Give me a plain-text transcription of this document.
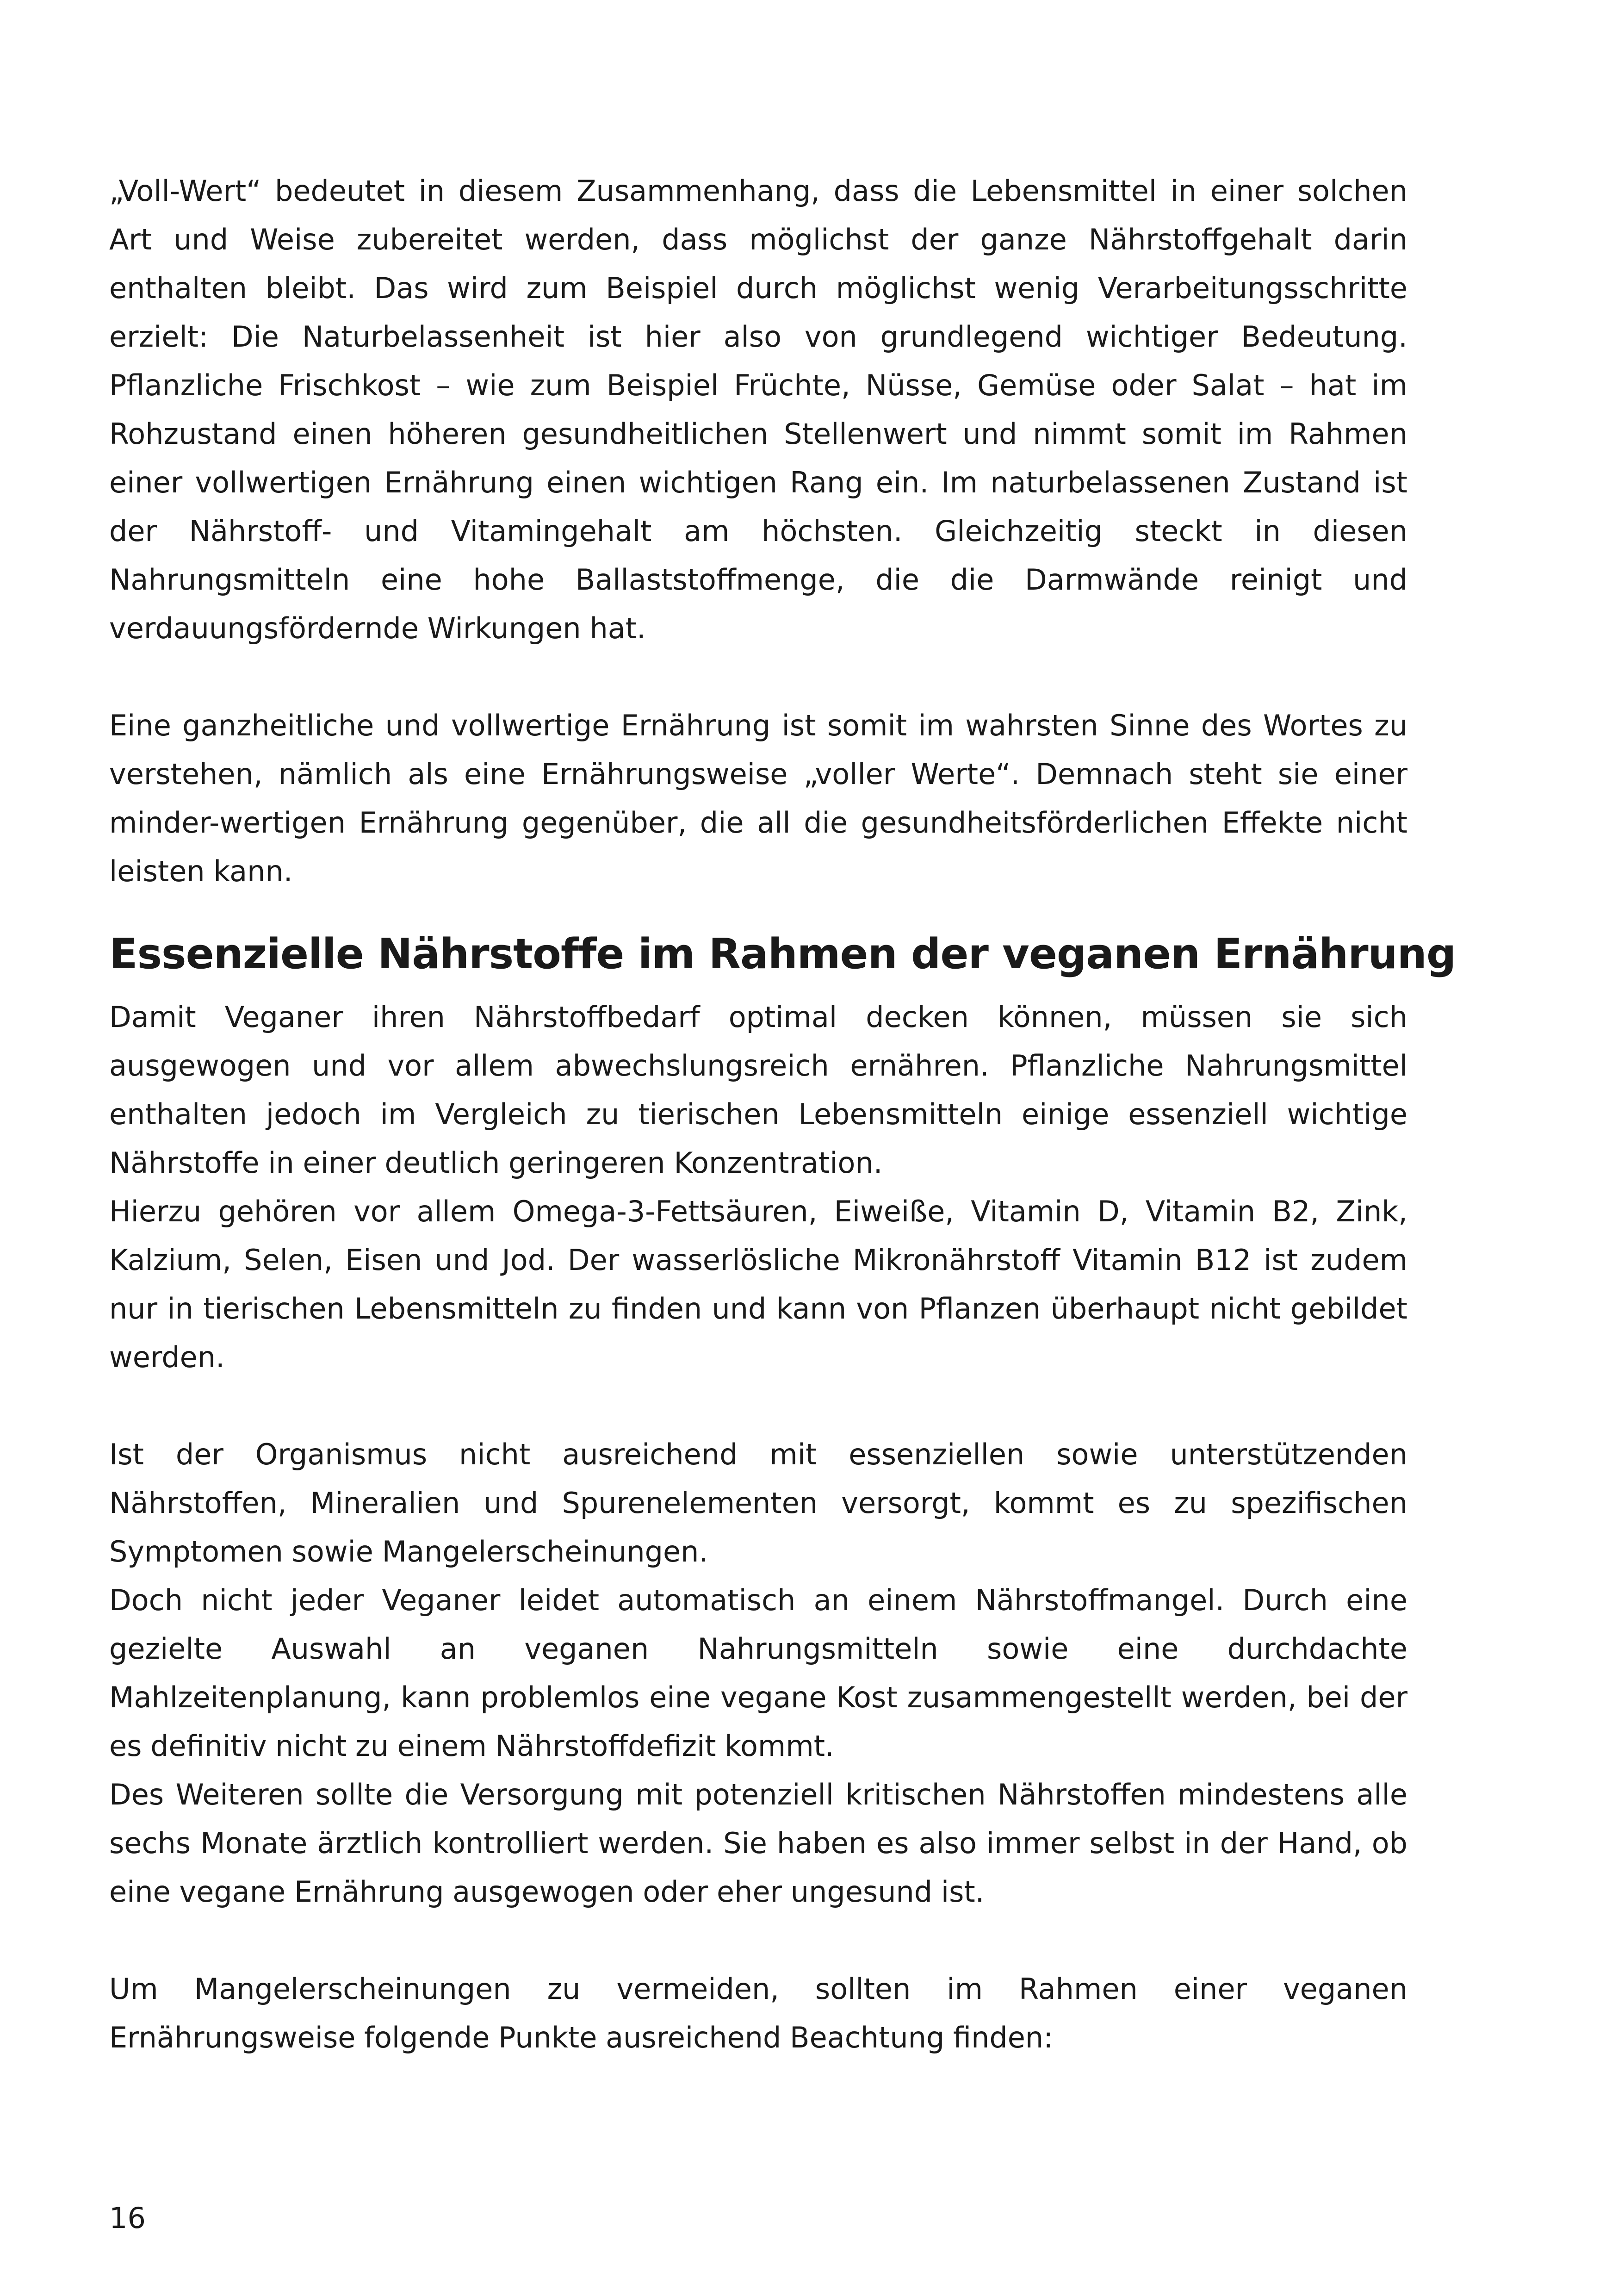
„Voll-Wert“ bedeutet in diesem Zusammenhang, dass die Lebensmittel in einer solchen Art und Weise zubereitet werden, dass möglichst der ganze Nährstoffgehalt darin enthalten bleibt. Das wird zum Beispiel durch möglichst wenig Verarbeitungsschritte erzielt: Die Naturbelassenheit ist hier also von grundlegend wichtiger Bedeutung. Pflanzliche Frischkost – wie zum Beispiel Früchte, Nüsse, Gemüse oder Salat – hat im Rohzustand einen höheren gesundheitlichen Stellenwert und nimmt somit im Rahmen einer vollwertigen Ernährung einen wichtigen Rang ein. Im naturbelassenen Zustand ist der Nährstoff- und Vitamingehalt am höchsten. Gleichzeitig steckt in diesen Nahrungsmitteln eine hohe Ballaststoffmenge, die die Darmwände reinigt und verdauungsfördernde Wirkungen hat.

Eine ganzheitliche und vollwertige Ernährung ist somit im wahrsten Sinne des Wortes zu verstehen, nämlich als eine Ernährungsweise „voller Werte“. Demnach steht sie einer minder-wertigen Ernährung gegenüber, die all die gesundheitsförderlichen Effekte nicht leisten kann.

Essenzielle Nährstoffe im Rahmen der veganen Ernährung

Damit Veganer ihren Nährstoffbedarf optimal decken können, müssen sie sich ausgewogen und vor allem abwechslungsreich ernähren. Pflanzliche Nahrungsmittel enthalten jedoch im Vergleich zu tierischen Lebensmitteln einige essenziell wichtige Nährstoffe in einer deutlich geringeren Konzentration.

Hierzu gehören vor allem Omega-3-Fettsäuren, Eiweiße, Vitamin D, Vitamin B2, Zink, Kalzium, Selen, Eisen und Jod. Der wasserlösliche Mikronährstoff Vitamin B12 ist zudem nur in tierischen Lebensmitteln zu finden und kann von Pflanzen überhaupt nicht gebildet werden.

Ist der Organismus nicht ausreichend mit essenziellen sowie unterstützenden Nährstoffen, Mineralien und Spurenelementen versorgt, kommt es zu spezifischen Symptomen sowie Mangelerscheinungen.

Doch nicht jeder Veganer leidet automatisch an einem Nährstoffmangel. Durch eine gezielte Auswahl an veganen Nahrungsmitteln sowie eine durchdachte Mahlzeitenplanung, kann problemlos eine vegane Kost zusammengestellt werden, bei der es definitiv nicht zu einem Nährstoffdefizit kommt.

Des Weiteren sollte die Versorgung mit potenziell kritischen Nährstoffen mindestens alle sechs Monate ärztlich kontrolliert werden. Sie haben es also immer selbst in der Hand, ob eine vegane Ernährung ausgewogen oder eher ungesund ist.

Um Mangelerscheinungen zu vermeiden, sollten im Rahmen einer veganen Ernährungsweise folgende Punkte ausreichend Beachtung finden:

16
